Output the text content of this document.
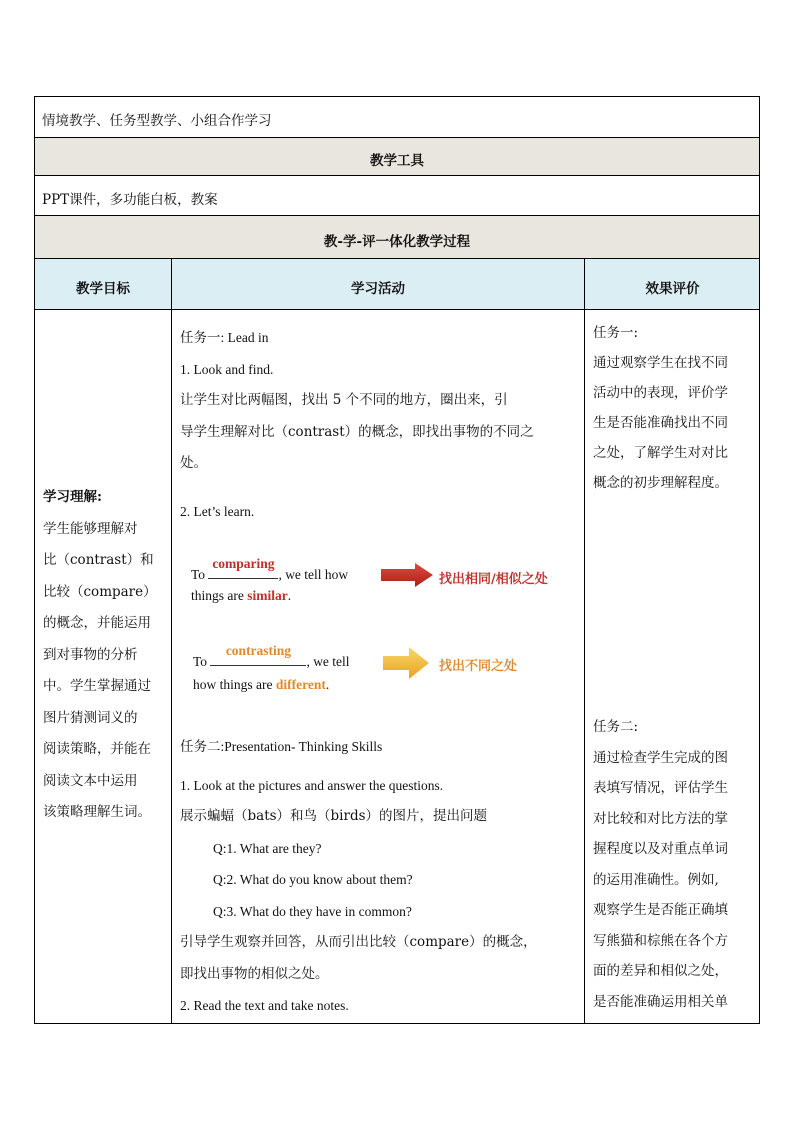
情境教学、任务型教学、小组合作学习
教学工具
PPT课件，多功能白板，教案
教-学-评一体化教学过程
教学目标	学习活动	效果评价
学习理解:
学生能够理解对
比（contrast）和
比较（compare）
的概念，并能运用
到对事物的分析
中。学生掌握通过
图片猜测词义的
阅读策略，并能在
阅读文本中运用
该策略理解生词。
任务一: Lead in
1. Look and find.
让学生对比两幅图，找出 5 个不同的地方，圈出来，引
导学生理解对比（contrast）的概念，即找出事物的不同之
处。
2. Let’s learn.
To
comparing
, we tell how
things are similar.
找出相同/相似之处
To
contrasting
, we tell
how things are different.
找出不同之处
任务二:Presentation- Thinking Skills
1. Look at the pictures and answer the questions.
展示蝙蝠（bats）和鸟（birds）的图片，提出问题
Q:1. What are they?
Q:2. What do you know about them?
Q:3. What do they have in common?
引导学生观察并回答，从而引出比较（compare）的概念，
即找出事物的相似之处。
2. Read the text and take notes.
任务一:
通过观察学生在找不同
活动中的表现，评价学
生是否能准确找出不同
之处，了解学生对对比
概念的初步理解程度。
任务二:
通过检查学生完成的图
表填写情况，评估学生
对比较和对比方法的掌
握程度以及对重点单词
的运用准确性。例如,
观察学生是否能正确填
写熊猫和棕熊在各个方
面的差异和相似之处，
是否能准确运用相关单
